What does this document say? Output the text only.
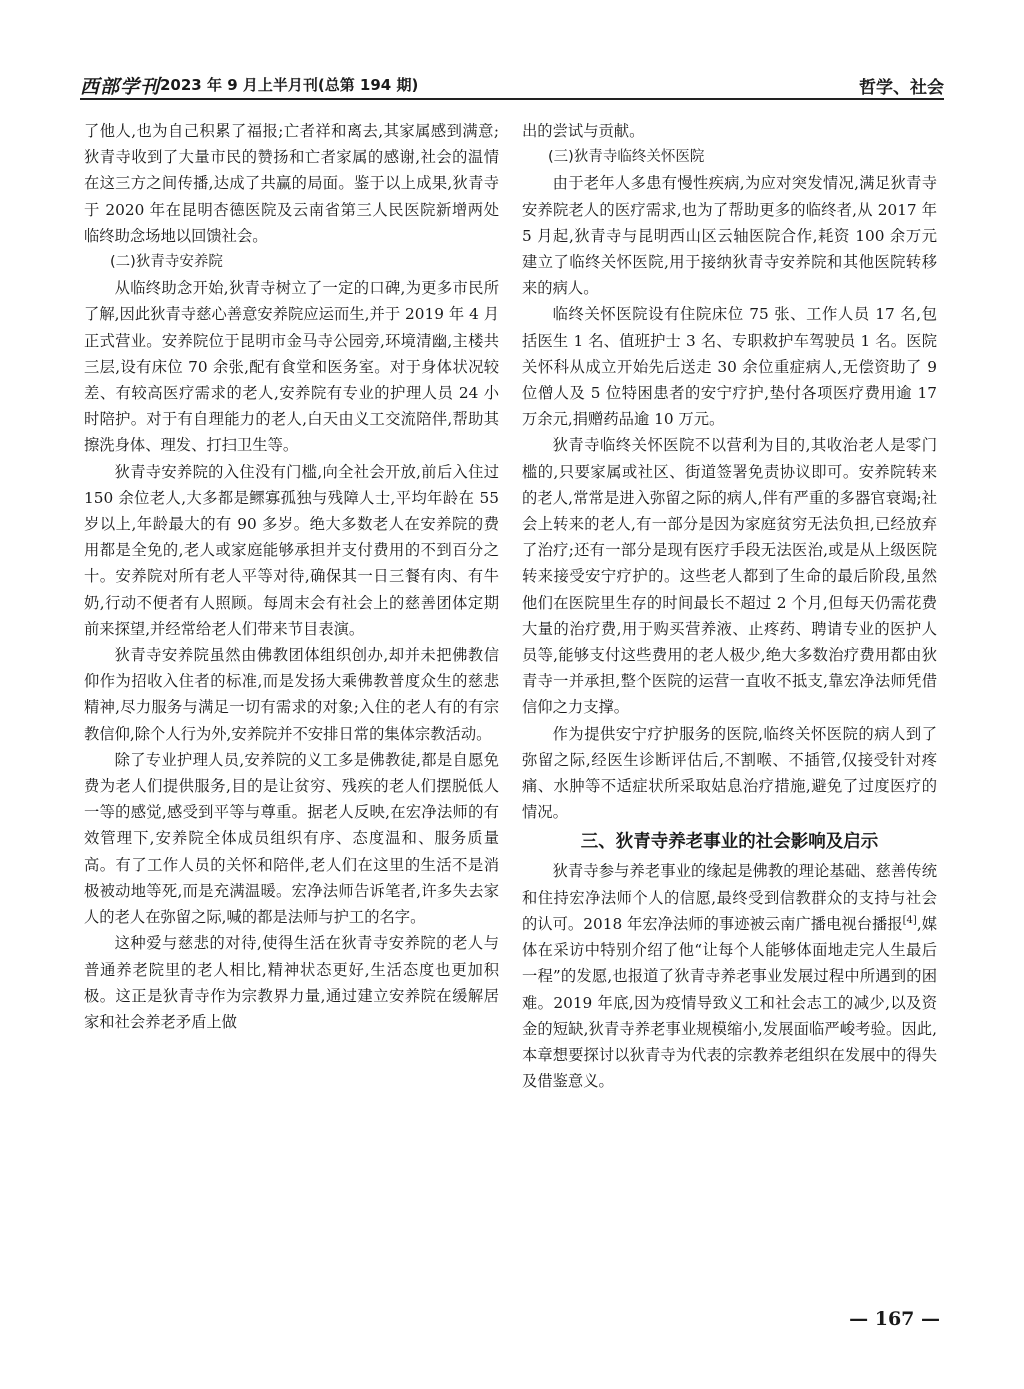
西部学刊 2023 年 9 月上半月刊(总第 194 期)	哲学、社会

了他人,也为自己积累了福报;亡者祥和离去,其家属感到满意;狄青寺收到了大量市民的赞扬和亡者家属的感谢,社会的温情在这三方之间传播,达成了共赢的局面。鉴于以上成果,狄青寺于 2020 年在昆明杏德医院及云南省第三人民医院新增两处临终助念场地以回馈社会。

(二)狄青寺安养院

从临终助念开始,狄青寺树立了一定的口碑,为更多市民所了解,因此狄青寺慈心善意安养院应运而生,并于 2019 年 4 月正式营业。安养院位于昆明市金马寺公园旁,环境清幽,主楼共三层,设有床位 70 余张,配有食堂和医务室。对于身体状况较差、有较高医疗需求的老人,安养院有专业的护理人员 24 小时陪护。对于有自理能力的老人,白天由义工交流陪伴,帮助其擦洗身体、理发、打扫卫生等。

狄青寺安养院的入住没有门槛,向全社会开放,前后入住过 150 余位老人,大多都是鳏寡孤独与残障人士,平均年龄在 55 岁以上,年龄最大的有 90 多岁。绝大多数老人在安养院的费用都是全免的,老人或家庭能够承担并支付费用的不到百分之十。安养院对所有老人平等对待,确保其一日三餐有肉、有牛奶,行动不便者有人照顾。每周末会有社会上的慈善团体定期前来探望,并经常给老人们带来节目表演。

狄青寺安养院虽然由佛教团体组织创办,却并未把佛教信仰作为招收入住者的标准,而是发扬大乘佛教普度众生的慈悲精神,尽力服务与满足一切有需求的对象;入住的老人有的有宗教信仰,除个人行为外,安养院并不安排日常的集体宗教活动。

除了专业护理人员,安养院的义工多是佛教徒,都是自愿免费为老人们提供服务,目的是让贫穷、残疾的老人们摆脱低人一等的感觉,感受到平等与尊重。据老人反映,在宏净法师的有效管理下,安养院全体成员组织有序、态度温和、服务质量高。有了工作人员的关怀和陪伴,老人们在这里的生活不是消极被动地等死,而是充满温暖。宏净法师告诉笔者,许多失去家人的老人在弥留之际,喊的都是法师与护工的名字。

这种爱与慈悲的对待,使得生活在狄青寺安养院的老人与普通养老院里的老人相比,精神状态更好,生活态度也更加积极。这正是狄青寺作为宗教界力量,通过建立安养院在缓解居家和社会养老矛盾上做

出的尝试与贡献。

(三)狄青寺临终关怀医院

由于老年人多患有慢性疾病,为应对突发情况,满足狄青寺安养院老人的医疗需求,也为了帮助更多的临终者,从 2017 年 5 月起,狄青寺与昆明西山区云轴医院合作,耗资 100 余万元建立了临终关怀医院,用于接纳狄青寺安养院和其他医院转移来的病人。

临终关怀医院设有住院床位 75 张、工作人员 17 名,包括医生 1 名、值班护士 3 名、专职救护车驾驶员 1 名。医院关怀科从成立开始先后送走 30 余位重症病人,无偿资助了 9 位僧人及 5 位特困患者的安宁疗护,垫付各项医疗费用逾 17 万余元,捐赠药品逾 10 万元。

狄青寺临终关怀医院不以营利为目的,其收治老人是零门槛的,只要家属或社区、街道签署免责协议即可。安养院转来的老人,常常是进入弥留之际的病人,伴有严重的多器官衰竭;社会上转来的老人,有一部分是因为家庭贫穷无法负担,已经放弃了治疗;还有一部分是现有医疗手段无法医治,或是从上级医院转来接受安宁疗护的。这些老人都到了生命的最后阶段,虽然他们在医院里生存的时间最长不超过 2 个月,但每天仍需花费大量的治疗费,用于购买营养液、止疼药、聘请专业的医护人员等,能够支付这些费用的老人极少,绝大多数治疗费用都由狄青寺一并承担,整个医院的运营一直收不抵支,靠宏净法师凭借信仰之力支撑。

作为提供安宁疗护服务的医院,临终关怀医院的病人到了弥留之际,经医生诊断评估后,不割喉、不插管,仅接受针对疼痛、水肿等不适症状所采取姑息治疗措施,避免了过度医疗的情况。

三、狄青寺养老事业的社会影响及启示

狄青寺参与养老事业的缘起是佛教的理论基础、慈善传统和住持宏净法师个人的信愿,最终受到信教群众的支持与社会的认可。2018 年宏净法师的事迹被云南广播电视台播报[4],媒体在采访中特别介绍了他“让每个人能够体面地走完人生最后一程”的发愿,也报道了狄青寺养老事业发展过程中所遇到的困难。2019 年底,因为疫情导致义工和社会志工的减少,以及资金的短缺,狄青寺养老事业规模缩小,发展面临严峻考验。因此,本章想要探讨以狄青寺为代表的宗教养老组织在发展中的得失及借鉴意义。

— 167 —
